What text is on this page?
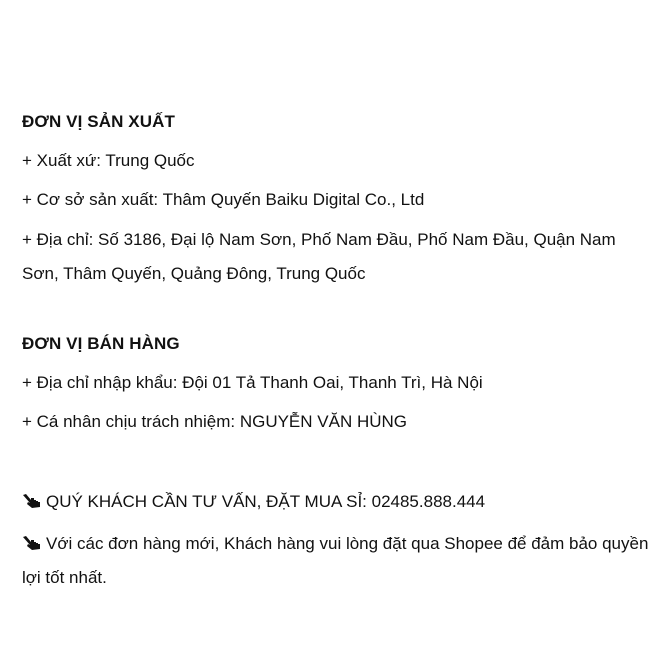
ĐƠN VỊ SẢN XUẤT
+ Xuất xứ: Trung Quốc
+ Cơ sở sản xuất: Thâm Quyến Baiku Digital Co., Ltd
+ Địa chỉ: Số 3186, Đại lộ Nam Sơn, Phố Nam Đầu, Phố Nam Đầu, Quận Nam Sơn, Thâm Quyến, Quảng Đông, Trung Quốc
ĐƠN VỊ BÁN HÀNG
+ Địa chỉ nhập khẩu: Đội 01 Tả Thanh Oai, Thanh Trì, Hà Nội
+ Cá nhân chịu trách nhiệm: NGUYỄN VĂN HÙNG
QUÝ KHÁCH CẦN TƯ VẤN, ĐẶT MUA SỈ: 02485.888.444
Với các đơn hàng mới, Khách hàng vui lòng đặt qua Shopee để đảm bảo quyền lợi tốt nhất.
